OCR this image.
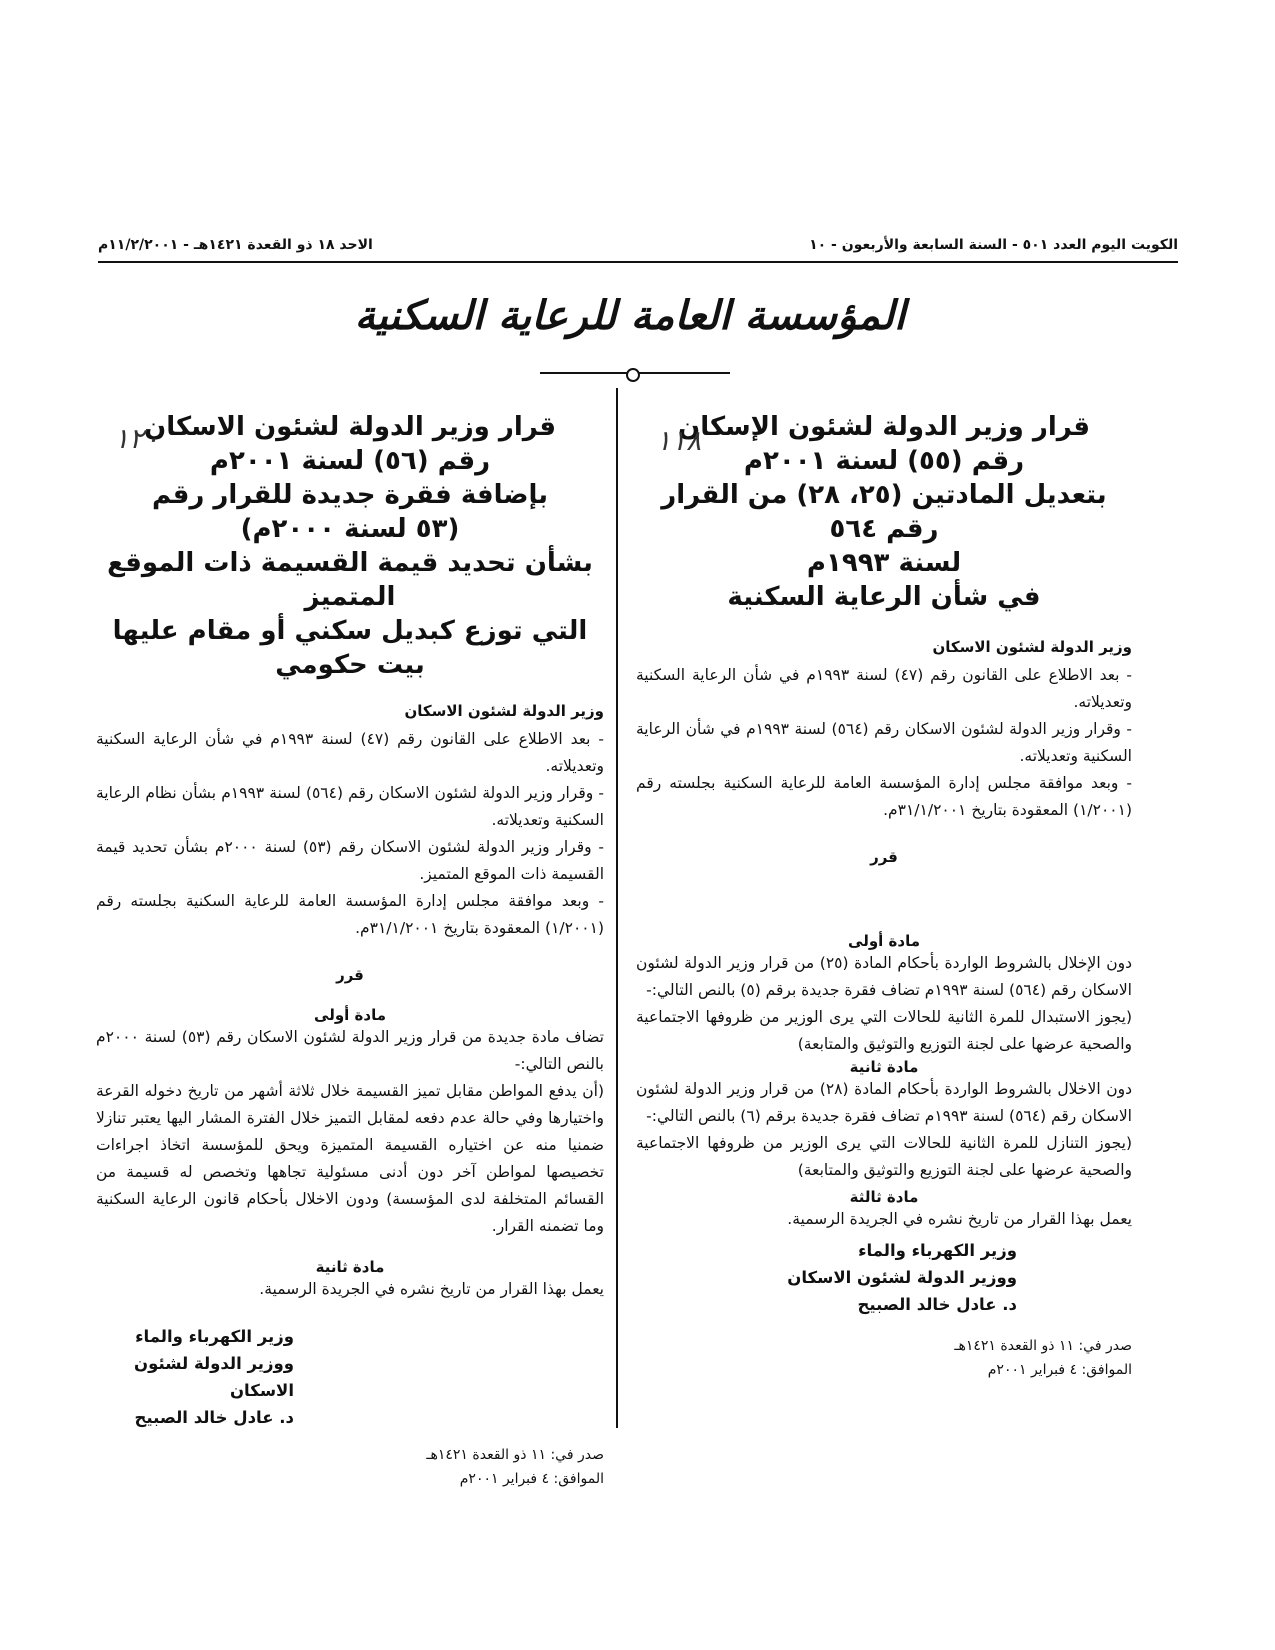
الكويت اليوم العدد ٥٠١ - السنة السابعة والأربعون - ١٠
الاحد ١٨ ذو القعدة ١٤٢١هـ - ١١/٢/٢٠٠١م
المؤسسة العامة للرعاية السكنية
١١٨

قرار وزير الدولة لشئون الإسكان

رقم (٥٥) لسنة ٢٠٠١م

بتعديل المادتين (٢٥، ٢٨) من القرار رقم ٥٦٤

لسنة ١٩٩٣م

في شأن الرعاية السكنية

وزير الدولة لشئون الاسكان

- بعد الاطلاع على القانون رقم (٤٧) لسنة ١٩٩٣م في شأن الرعاية السكنية وتعديلاته.

- وقرار وزير الدولة لشئون الاسكان رقم (٥٦٤) لسنة ١٩٩٣م في شأن الرعاية السكنية وتعديلاته.

- وبعد موافقة مجلس إدارة المؤسسة العامة للرعاية السكنية بجلسته رقم (١/٢٠٠١) المعقودة بتاريخ ٣١/١/٢٠٠١م.

قرر

مادة أولى

دون الإخلال بالشروط الواردة بأحكام المادة (٢٥) من قرار وزير الدولة لشئون الاسكان رقم (٥٦٤) لسنة ١٩٩٣م تضاف فقرة جديدة برقم (٥) بالنص التالي:-

(يجوز الاستبدال للمرة الثانية للحالات التي يرى الوزير من ظروفها الاجتماعية والصحية عرضها على لجنة التوزيع والتوثيق والمتابعة)

مادة ثانية

دون الاخلال بالشروط الواردة بأحكام المادة (٢٨) من قرار وزير الدولة لشئون الاسكان رقم (٥٦٤) لسنة ١٩٩٣م تضاف فقرة جديدة برقم (٦) بالنص التالي:-

(يجوز التنازل للمرة الثانية للحالات التي يرى الوزير من ظروفها الاجتماعية والصحية عرضها على لجنة التوزيع والتوثيق والمتابعة)

مادة ثالثة

يعمل بهذا القرار من تاريخ نشره في الجريدة الرسمية.

وزير الكهرباء والماء
ووزير الدولة لشئون الاسكان
د. عادل خالد الصبيح
صدر في: ١١ ذو القعدة ١٤٢١هـ
الموافق: ٤ فبراير ٢٠٠١م
١٢٠

قرار وزير الدولة لشئون الاسكان

رقم (٥٦) لسنة ٢٠٠١م

بإضافة فقرة جديدة للقرار رقم

(٥٣ لسنة ٢٠٠٠م)

بشأن تحديد قيمة القسيمة ذات الموقع المتميز

التي توزع كبديل سكني أو مقام عليها بيت حكومي

وزير الدولة لشئون الاسكان

- بعد الاطلاع على القانون رقم (٤٧) لسنة ١٩٩٣م في شأن الرعاية السكنية وتعديلاته.

- وقرار وزير الدولة لشئون الاسكان رقم (٥٦٤) لسنة ١٩٩٣م بشأن نظام الرعاية السكنية وتعديلاته.

- وقرار وزير الدولة لشئون الاسكان رقم (٥٣) لسنة ٢٠٠٠م بشأن تحديد قيمة القسيمة ذات الموقع المتميز.

- وبعد موافقة مجلس إدارة المؤسسة العامة للرعاية السكنية بجلسته رقم (١/٢٠٠١) المعقودة بتاريخ ٣١/١/٢٠٠١م.

قرر

مادة أولى

تضاف مادة جديدة من قرار وزير الدولة لشئون الاسكان رقم (٥٣) لسنة ٢٠٠٠م بالنص التالي:-

(أن يدفع المواطن مقابل تميز القسيمة خلال ثلاثة أشهر من تاريخ دخوله القرعة واختيارها وفي حالة عدم دفعه لمقابل التميز خلال الفترة المشار اليها يعتبر تنازلا ضمنيا منه عن اختياره القسيمة المتميزة ويحق للمؤسسة اتخاذ اجراءات تخصيصها لمواطن آخر دون أدنى مسئولية تجاهها وتخصص له قسيمة من القسائم المتخلفة لدى المؤسسة) ودون الاخلال بأحكام قانون الرعاية السكنية وما تضمنه القرار.

مادة ثانية

يعمل بهذا القرار من تاريخ نشره في الجريدة الرسمية.

وزير الكهرباء والماء
ووزير الدولة لشئون الاسكان
د. عادل خالد الصبيح
صدر في: ١١ ذو القعدة ١٤٢١هـ
الموافق: ٤ فبراير ٢٠٠١م
